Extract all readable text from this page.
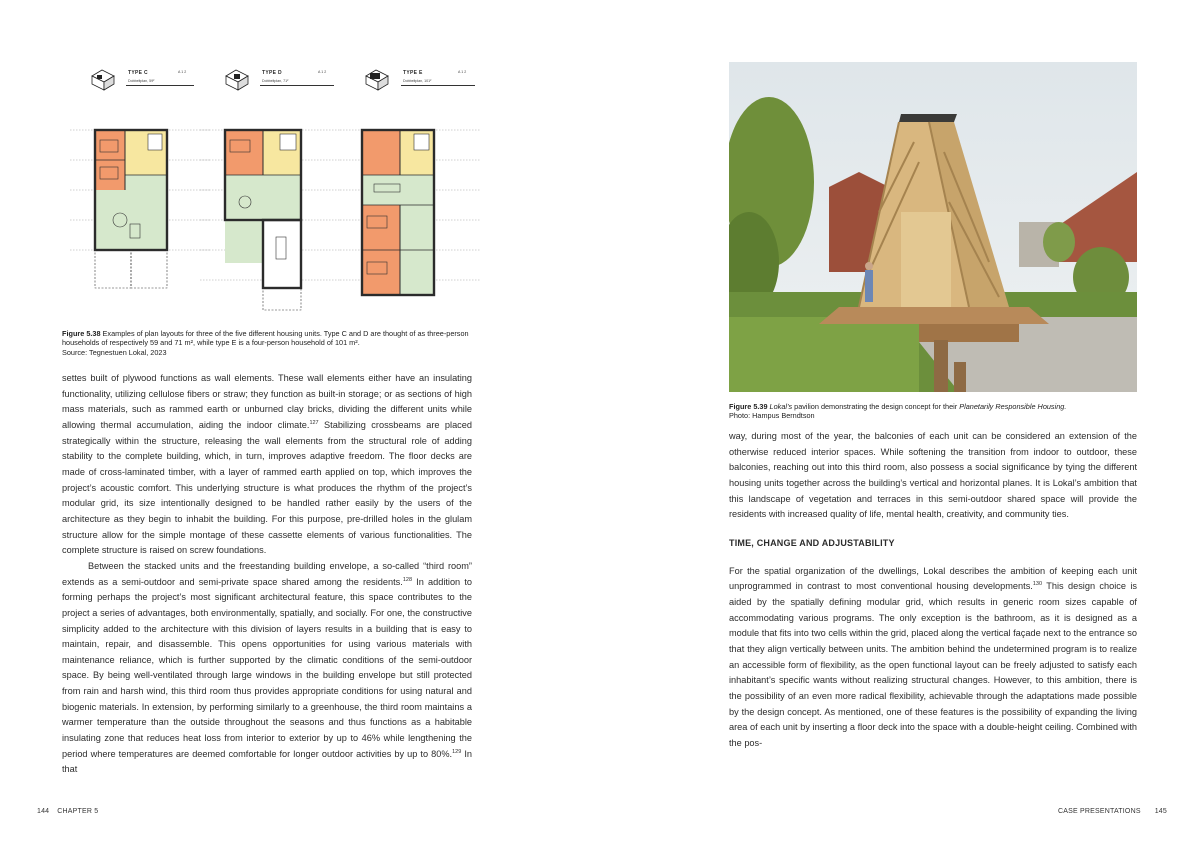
TYPE C
Dobbeltplan, 59²
A 1 2	TYPE D
Dobbeltplan, 71²
A 1 2	TYPE E
Dobbeltplan, 101²
A 1 2
Figure 5.38 Examples of plan layouts for three of the five different housing units. Type C and D are thought of as three-person households of respectively 59 and 71 m², while type E is a four-person household of 101 m².
Source: Tegnestuen Lokal, 2023

settes built of plywood functions as wall elements. These wall elements either have an insulating functionality, utilizing cellulose fibers or straw; they function as built-in storage; or as sections of high mass materials, such as rammed earth or unburned clay bricks, dividing the different units while allowing thermal accumulation, aiding the indoor climate.$^{127}$ Stabilizing crossbeams are placed strategically within the structure, releasing the wall elements from the structural role of adding stability to the complete building, which, in turn, improves adaptive freedom. The floor decks are made of cross-laminated timber, with a layer of rammed earth applied on top, which improves the project’s acoustic comfort. This underlying structure is what produces the rhythm of the project’s modular grid, its size intentionally designed to be handled rather easily by the users of the architecture as they begin to inhabit the building. For this purpose, pre-drilled holes in the glulam structure allow for the simple montage of these cassette elements of various functionalities. The complete structure is raised on screw foundations.

Between the stacked units and the freestanding building envelope, a so-called “third room” extends as a semi-outdoor and semi-private space shared among the residents.$^{128}$ In addition to forming perhaps the project’s most significant architectural feature, this space contributes to the project a series of advantages, both environmentally, spatially, and socially. For one, the constructive simplicity added to the architecture with this division of layers results in a building that is easy to maintain, repair, and disassemble. This opens opportunities for using various materials with maintenance reliance, which is further supported by the climatic conditions of the semi-outdoor space. By being well-ventilated through large windows in the building envelope but still protected from rain and harsh wind, this third room thus provides appropriate conditions for using natural and biogenic materials. In extension, by performing similarly to a greenhouse, the third room maintains a warmer temperature than the outside throughout the seasons and thus functions as a habitable insulating zone that reduces heat loss from interior to exterior by up to 46% while lengthening the period where temperatures are deemed comfortable for longer outdoor activities by up to 80%.$^{129}$ In that

144 CHAPTER 5
Figure 5.39 Lokal’s pavilion demonstrating the design concept for their Planetarily Responsible Housing.
Photo: Hampus Berndtson

way, during most of the year, the balconies of each unit can be considered an extension of the otherwise reduced interior spaces. While softening the transition from indoor to outdoor, these balconies, reaching out into this third room, also possess a social significance by tying the different housing units together across the building’s vertical and horizontal planes. It is Lokal’s ambition that this landscape of vegetation and terraces in this semi-outdoor shared space will provide the residents with increased quality of life, mental health, creativity, and community ties.

TIME, CHANGE AND ADJUSTABILITY

For the spatial organization of the dwellings, Lokal describes the ambition of keeping each unit unprogrammed in contrast to most conventional housing developments.$^{130}$ This design choice is aided by the spatially defining modular grid, which results in generic room sizes capable of accommodating various programs. The only exception is the bathroom, as it is designed as a module that fits into two cells within the grid, placed along the vertical façade next to the entrance so that they align vertically between units. The ambition behind the undetermined program is to realize an accessible form of flexibility, as the open functional layout can be freely adjusted to satisfy each inhabitant’s specific wants without realizing structural changes. However, to this ambition, there is the possibility of an even more radical flexibility, achievable through the adaptations made possible by the design concept. As mentioned, one of these features is the possibility of expanding the living area of each unit by inserting a floor deck into the space with a double-height ceiling. Combined with the pos-

CASE PRESENTATIONS 145
